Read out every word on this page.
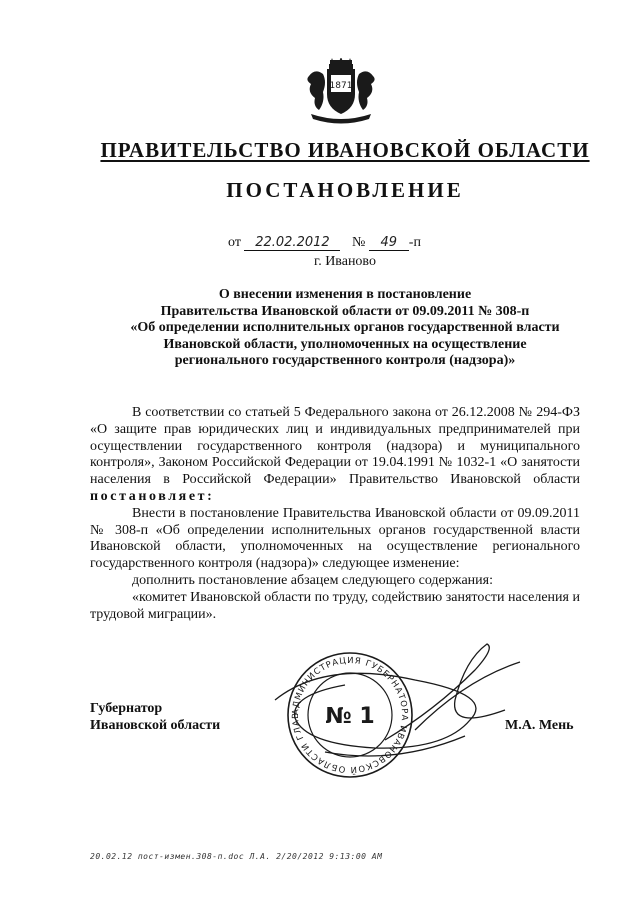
1871
ПРАВИТЕЛЬСТВО ИВАНОВСКОЙ ОБЛАСТИ
ПОСТАНОВЛЕНИЕ
от 22.02.2012 № 49 -п
г. Иваново
О внесении изменения в постановление
Правительства Ивановской области от 09.09.2011 № 308-п
«Об определении исполнительных органов государственной власти
Ивановской области, уполномоченных на осуществление
регионального государственного контроля (надзора)»

В соответствии со статьей 5 Федерального закона от 26.12.2008 № 294-ФЗ «О защите прав юридических лиц и индивидуальных предпринимателей при осуществлении государственного контроля (надзора) и муниципального контроля», Законом Российской Федерации от 19.04.1991 № 1032-1 «О занятости населения в Российской Федерации» Правительство Ивановской области постановляет:

Внести в постановление Правительства Ивановской области от 09.09.2011 № 308-п «Об определении исполнительных органов государственной власти Ивановской области, уполномоченных на осуществление регионального государственного контроля (надзора)» следующее изменение:

дополнить постановление абзацем следующего содержания:

«комитет Ивановской области по труду, содействию занятости населения и трудовой миграции».

АДМИНИСТРАЦИЯ ГУБЕРНАТОРА ИВАНОВСКОЙ ОБЛАСТИ ГЛАВ	№ 1
Губернатор
Ивановской области	М.А. Мень
20.02.12 пост-измен.308-п.doc Л.А. 2/20/2012 9:13:00 AM
